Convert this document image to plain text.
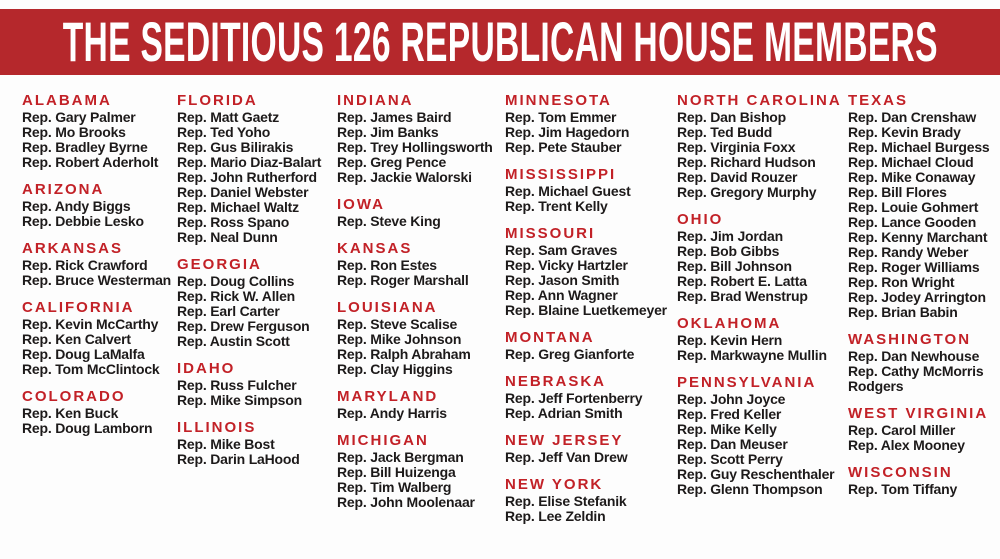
THE SEDITIOUS 126 REPUBLICAN HOUSE MEMBERS
ALABAMA
Rep. Gary Palmer
Rep. Mo Brooks
Rep. Bradley Byrne
Rep. Robert Aderholt
ARIZONA
Rep. Andy Biggs
Rep. Debbie Lesko
ARKANSAS
Rep. Rick Crawford
Rep. Bruce Westerman
CALIFORNIA
Rep. Kevin McCarthy
Rep. Ken Calvert
Rep. Doug LaMalfa
Rep. Tom McClintock
COLORADO
Rep. Ken Buck
Rep. Doug Lamborn
FLORIDA
Rep. Matt Gaetz
Rep. Ted Yoho
Rep. Gus Bilirakis
Rep. Mario Diaz-Balart
Rep. John Rutherford
Rep. Daniel Webster
Rep. Michael Waltz
Rep. Ross Spano
Rep. Neal Dunn
GEORGIA
Rep. Doug Collins
Rep. Rick W. Allen
Rep. Earl Carter
Rep. Drew Ferguson
Rep. Austin Scott
IDAHO
Rep. Russ Fulcher
Rep. Mike Simpson
ILLINOIS
Rep. Mike Bost
Rep. Darin LaHood
INDIANA
Rep. James Baird
Rep. Jim Banks
Rep. Trey Hollingsworth
Rep. Greg Pence
Rep. Jackie Walorski
IOWA
Rep. Steve King
KANSAS
Rep. Ron Estes
Rep. Roger Marshall
LOUISIANA
Rep. Steve Scalise
Rep. Mike Johnson
Rep. Ralph Abraham
Rep. Clay Higgins
MARYLAND
Rep. Andy Harris
MICHIGAN
Rep. Jack Bergman
Rep. Bill Huizenga
Rep. Tim Walberg
Rep. John Moolenaar
MINNESOTA
Rep. Tom Emmer
Rep. Jim Hagedorn
Rep. Pete Stauber
MISSISSIPPI
Rep. Michael Guest
Rep. Trent Kelly
MISSOURI
Rep. Sam Graves
Rep. Vicky Hartzler
Rep. Jason Smith
Rep. Ann Wagner
Rep. Blaine Luetkemeyer
MONTANA
Rep. Greg Gianforte
NEBRASKA
Rep. Jeff Fortenberry
Rep. Adrian Smith
NEW JERSEY
Rep. Jeff Van Drew
NEW YORK
Rep. Elise Stefanik
Rep. Lee Zeldin
NORTH CAROLINA
Rep. Dan Bishop
Rep. Ted Budd
Rep. Virginia Foxx
Rep. Richard Hudson
Rep. David Rouzer
Rep. Gregory Murphy
OHIO
Rep. Jim Jordan
Rep. Bob Gibbs
Rep. Bill Johnson
Rep. Robert E. Latta
Rep. Brad Wenstrup
OKLAHOMA
Rep. Kevin Hern
Rep. Markwayne Mullin
PENNSYLVANIA
Rep. John Joyce
Rep. Fred Keller
Rep. Mike Kelly
Rep. Dan Meuser
Rep. Scott Perry
Rep. Guy Reschenthaler
Rep. Glenn Thompson
TEXAS
Rep. Dan Crenshaw
Rep. Kevin Brady
Rep. Michael Burgess
Rep. Michael Cloud
Rep. Mike Conaway
Rep. Bill Flores
Rep. Louie Gohmert
Rep. Lance Gooden
Rep. Kenny Marchant
Rep. Randy Weber
Rep. Roger Williams
Rep. Ron Wright
Rep. Jodey Arrington
Rep. Brian Babin
WASHINGTON
Rep. Dan Newhouse
Rep. Cathy McMorris Rodgers
WEST VIRGINIA
Rep. Carol Miller
Rep. Alex Mooney
WISCONSIN
Rep. Tom Tiffany
